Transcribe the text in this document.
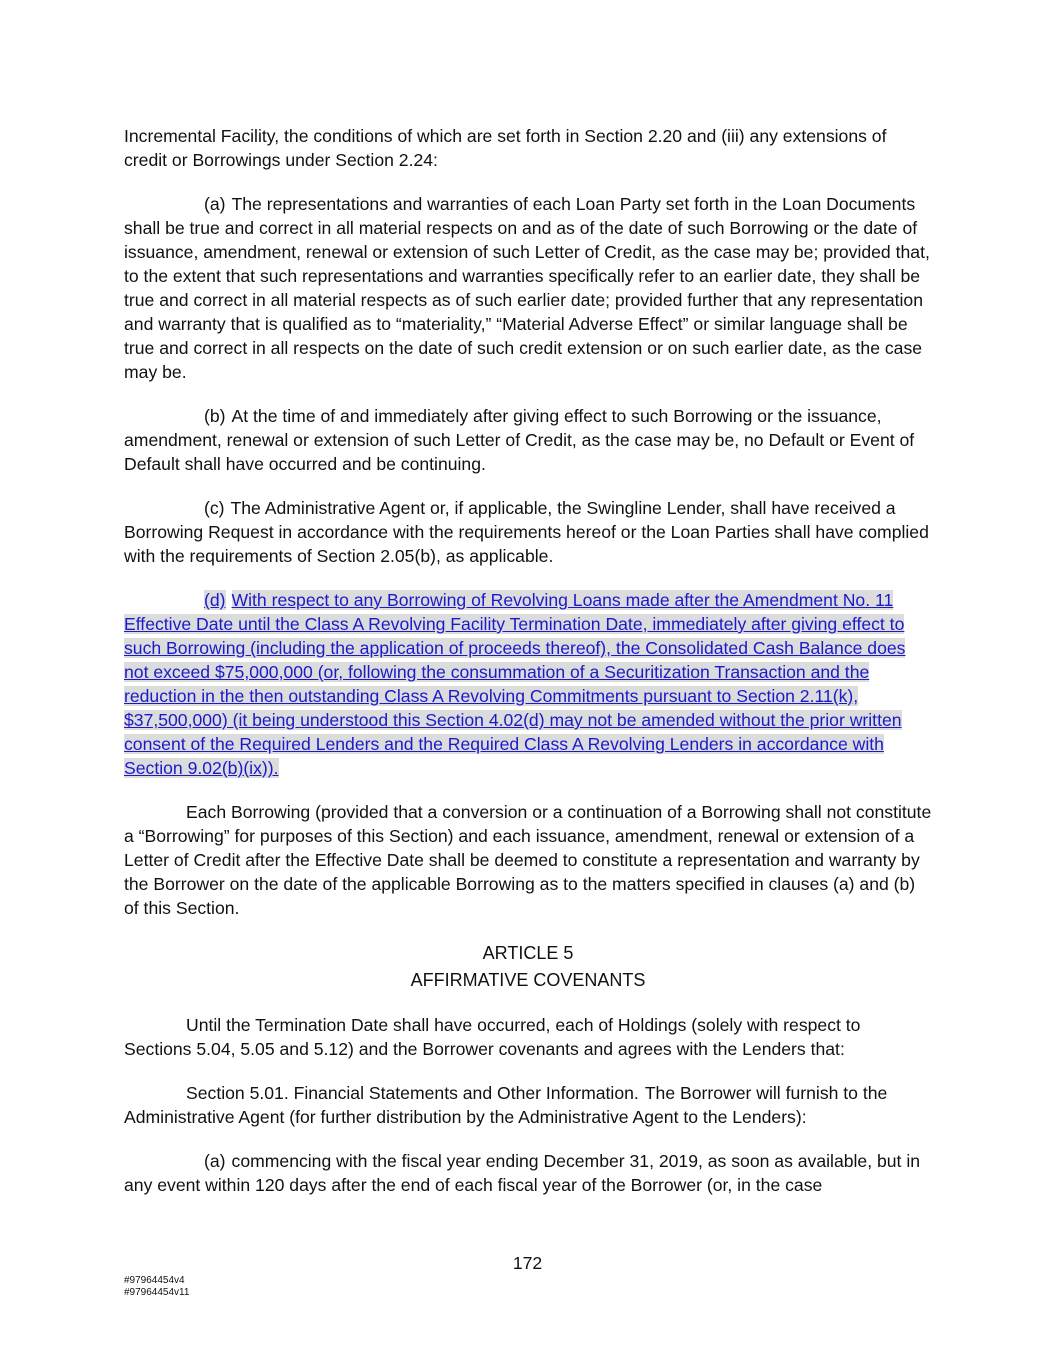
Incremental Facility, the conditions of which are set forth in Section 2.20 and (iii) any extensions of credit or Borrowings under Section 2.24:

(a) The representations and warranties of each Loan Party set forth in the Loan Documents shall be true and correct in all material respects on and as of the date of such Borrowing or the date of issuance, amendment, renewal or extension of such Letter of Credit, as the case may be; provided that, to the extent that such representations and warranties specifically refer to an earlier date, they shall be true and correct in all material respects as of such earlier date; provided further that any representation and warranty that is qualified as to “materiality,” “Material Adverse Effect” or similar language shall be true and correct in all respects on the date of such credit extension or on such earlier date, as the case may be.

(b) At the time of and immediately after giving effect to such Borrowing or the issuance, amendment, renewal or extension of such Letter of Credit, as the case may be, no Default or Event of Default shall have occurred and be continuing.

(c) The Administrative Agent or, if applicable, the Swingline Lender, shall have received a Borrowing Request in accordance with the requirements hereof or the Loan Parties shall have complied with the requirements of Section 2.05(b), as applicable.

(d) With respect to any Borrowing of Revolving Loans made after the Amendment No. 11 Effective Date until the Class A Revolving Facility Termination Date, immediately after giving effect to such Borrowing (including the application of proceeds thereof), the Consolidated Cash Balance does not exceed $75,000,000 (or, following the consummation of a Securitization Transaction and the reduction in the then outstanding Class A Revolving Commitments pursuant to Section 2.11(k), $37,500,000) (it being understood this Section 4.02(d) may not be amended without the prior written consent of the Required Lenders and the Required Class A Revolving Lenders in accordance with Section 9.02(b)(ix)).

Each Borrowing (provided that a conversion or a continuation of a Borrowing shall not constitute a “Borrowing” for purposes of this Section) and each issuance, amendment, renewal or extension of a Letter of Credit after the Effective Date shall be deemed to constitute a representation and warranty by the Borrower on the date of the applicable Borrowing as to the matters specified in clauses (a) and (b) of this Section.

ARTICLE 5
AFFIRMATIVE COVENANTS

Until the Termination Date shall have occurred, each of Holdings (solely with respect to Sections 5.04, 5.05 and 5.12) and the Borrower covenants and agrees with the Lenders that:

Section 5.01. Financial Statements and Other Information. The Borrower will furnish to the Administrative Agent (for further distribution by the Administrative Agent to the Lenders):

(a) commencing with the fiscal year ending December 31, 2019, as soon as available, but in any event within 120 days after the end of each fiscal year of the Borrower (or, in the case

172
#97964454v4
#97964454v11
